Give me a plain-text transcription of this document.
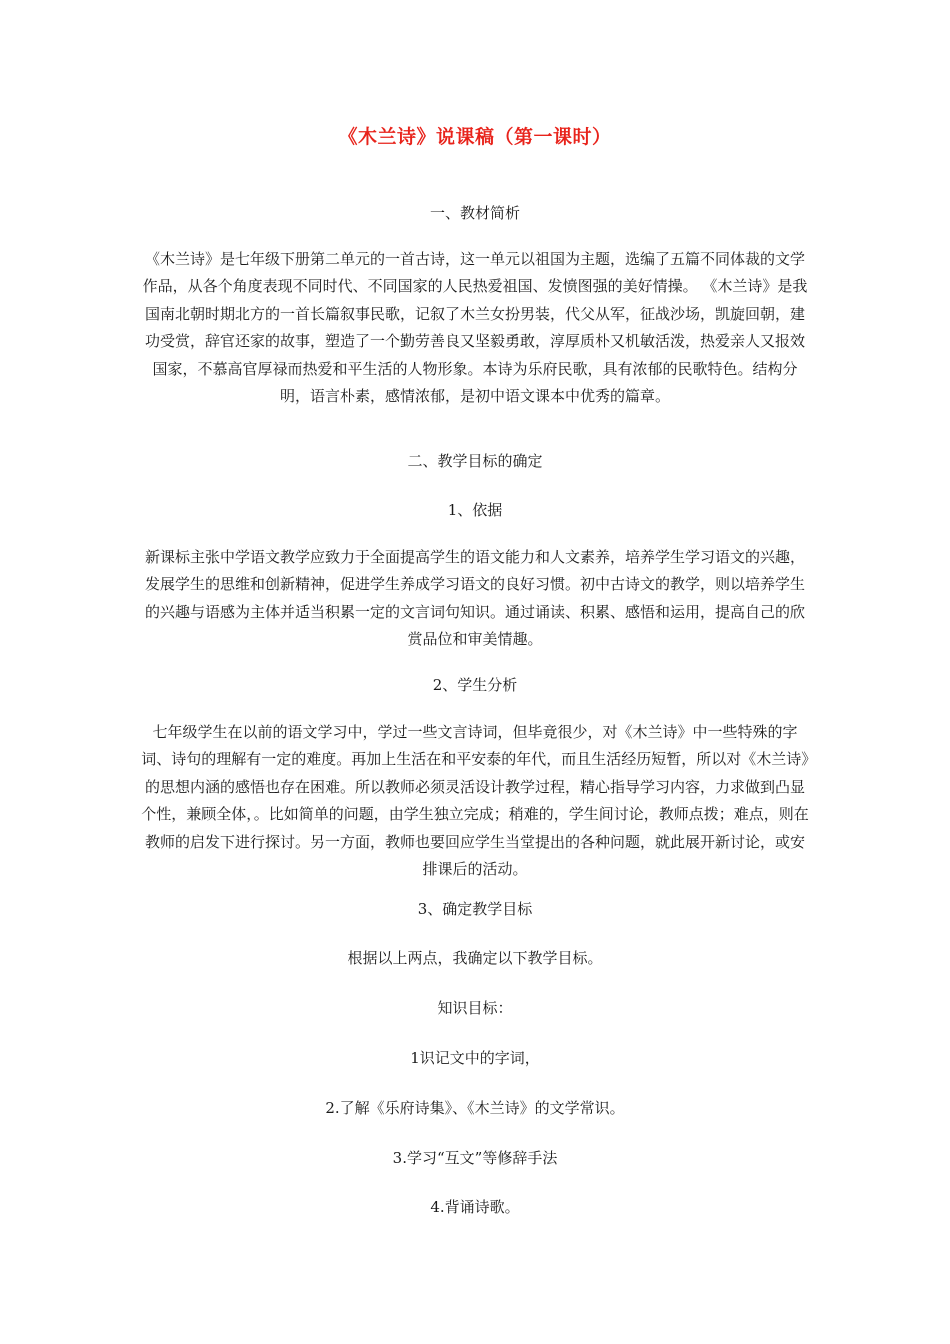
《木兰诗》说课稿（第一课时）
一、教材简析
《木兰诗》是七年级下册第二单元的一首古诗，这一单元以祖国为主题，选编了五篇不同体裁的文学作品，从各个角度表现不同时代、不同国家的人民热爱祖国、发愤图强的美好情操。 《木兰诗》是我国南北朝时期北方的一首长篇叙事民歌，记叙了木兰女扮男装，代父从军，征战沙场，凯旋回朝，建功受赏，辞官还家的故事，塑造了一个勤劳善良又坚毅勇敢，淳厚质朴又机敏活泼，热爱亲人又报效国家，不慕高官厚禄而热爱和平生活的人物形象。本诗为乐府民歌，具有浓郁的民歌特色。结构分明，语言朴素，感情浓郁，是初中语文课本中优秀的篇章。
二、教学目标的确定
1、依据
新课标主张中学语文教学应致力于全面提高学生的语文能力和人文素养，培养学生学习语文的兴趣，发展学生的思维和创新精神，促进学生养成学习语文的良好习惯。初中古诗文的教学，则以培养学生的兴趣与语感为主体并适当积累一定的文言词句知识。通过诵读、积累、感悟和运用，提高自己的欣赏品位和审美情趣。
2、学生分析
七年级学生在以前的语文学习中，学过一些文言诗词，但毕竟很少，对《木兰诗》中一些特殊的字词、诗句的理解有一定的难度。再加上生活在和平安泰的年代，而且生活经历短暂，所以对《木兰诗》的思想内涵的感悟也存在困难。所以教师必须灵活设计教学过程，精心指导学习内容，力求做到凸显个性，兼顾全体，。比如简单的问题，由学生独立完成；稍难的，学生间讨论，教师点拨；难点，则在教师的启发下进行探讨。另一方面，教师也要回应学生当堂提出的各种问题，就此展开新讨论，或安排课后的活动。
3、确定教学目标
根据以上两点，我确定以下教学目标。
知识目标：
1识记文中的字词，
2.了解《乐府诗集》、《木兰诗》的文学常识。
3.学习“互文”等修辞手法
4.背诵诗歌。
